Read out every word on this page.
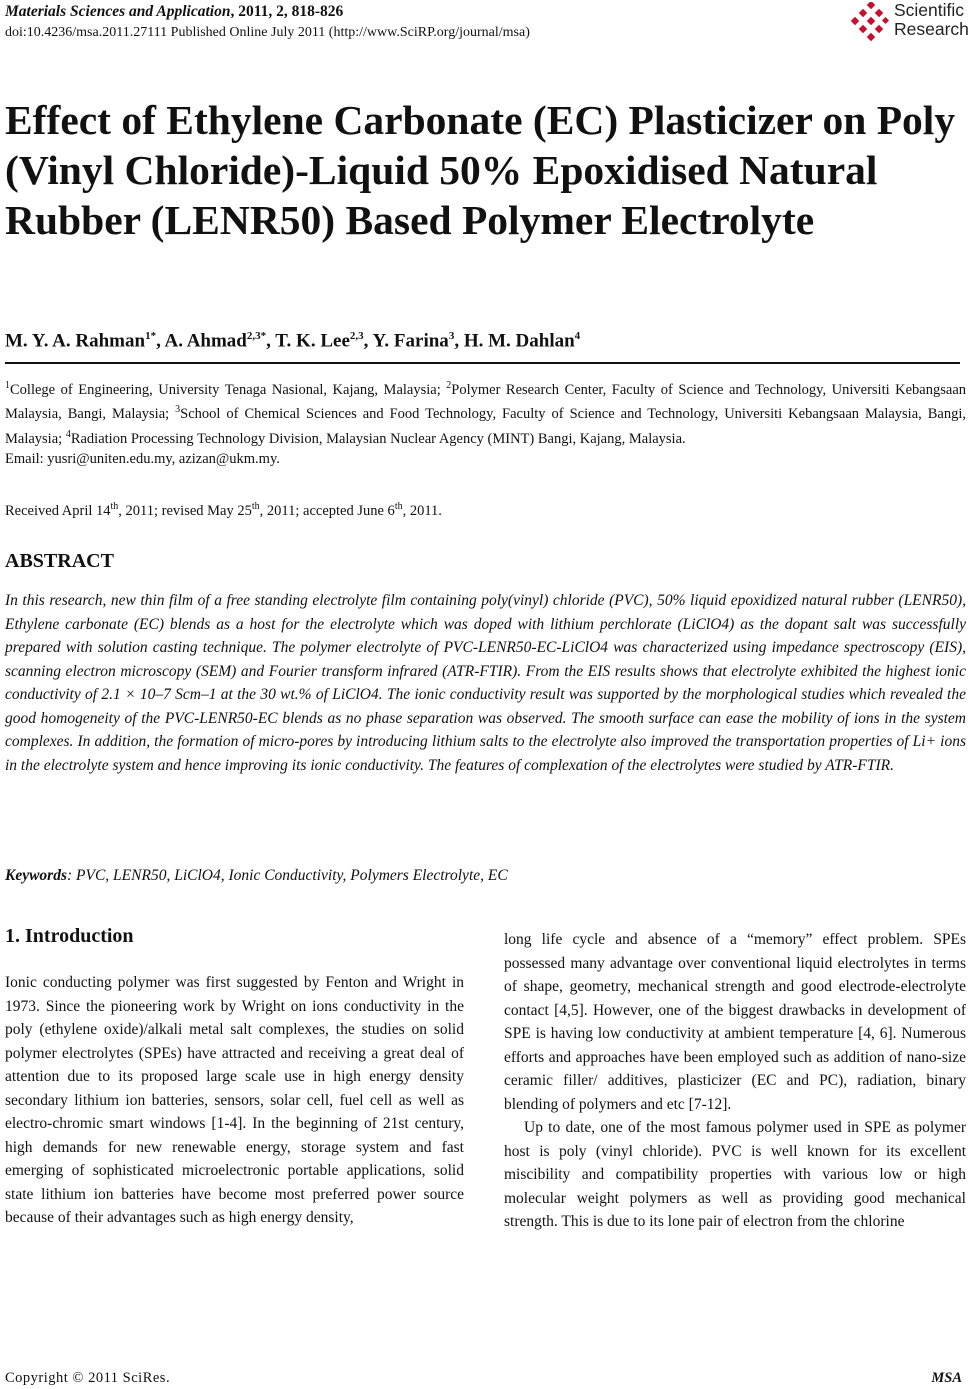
Materials Sciences and Application, 2011, 2, 818-826
doi:10.4236/msa.2011.27111 Published Online July 2011 (http://www.SciRP.org/journal/msa)
Scientific
Research
Effect of Ethylene Carbonate (EC) Plasticizer on Poly (Vinyl Chloride)-Liquid 50% Epoxidised Natural Rubber (LENR50) Based Polymer Electrolyte
M. Y. A. Rahman$^{1*}$, A. Ahmad$^{2,3*}$, T. K. Lee$^{2,3}$, Y. Farina$^3$, H. M. Dahlan$^4$
$^1$College of Engineering, University Tenaga Nasional, Kajang, Malaysia; $^2$Polymer Research Center, Faculty of Science and Technology, Universiti Kebangsaan Malaysia, Bangi, Malaysia; $^3$School of Chemical Sciences and Food Technology, Faculty of Science and Technology, Universiti Kebangsaan Malaysia, Bangi, Malaysia; $^4$Radiation Processing Technology Division, Malaysian Nuclear Agency (MINT) Bangi, Kajang, Malaysia.
Email: yusri@uniten.edu.my, azizan@ukm.my.
Received April 14th, 2011; revised May 25th, 2011; accepted June 6th, 2011.
ABSTRACT
In this research, new thin film of a free standing electrolyte film containing poly(vinyl) chloride (PVC), 50% liquid epoxidized natural rubber (LENR50), Ethylene carbonate (EC) blends as a host for the electrolyte which was doped with lithium perchlorate (LiClO4) as the dopant salt was successfully prepared with solution casting technique. The polymer electrolyte of PVC-LENR50-EC-LiClO4 was characterized using impedance spectroscopy (EIS), scanning electron microscopy (SEM) and Fourier transform infrared (ATR-FTIR). From the EIS results shows that electrolyte exhibited the highest ionic conductivity of 2.1 × 10–7 Scm–1 at the 30 wt.% of LiClO4. The ionic conductivity result was supported by the morphological studies which revealed the good homogeneity of the PVC-LENR50-EC blends as no phase separation was observed. The smooth surface can ease the mobility of ions in the system complexes. In addition, the formation of micro-pores by introducing lithium salts to the electrolyte also improved the transportation properties of Li+ ions in the electrolyte system and hence improving its ionic conductivity. The features of complexation of the electrolytes were studied by ATR-FTIR.
Keywords: PVC, LENR50, LiClO4, Ionic Conductivity, Polymers Electrolyte, EC
1. Introduction

Ionic conducting polymer was first suggested by Fenton and Wright in 1973. Since the pioneering work by Wright on ions conductivity in the poly (ethylene oxide)/alkali metal salt complexes, the studies on solid polymer electrolytes (SPEs) have attracted and receiving a great deal of attention due to its proposed large scale use in high energy density secondary lithium ion batteries, sensors, solar cell, fuel cell as well as electro-chromic smart windows [1-4]. In the beginning of 21st century, high demands for new renewable energy, storage system and fast emerging of sophisticated microelectronic portable applications, solid state lithium ion batteries have become most preferred power source because of their advantages such as high energy density,

long life cycle and absence of a “memory” effect problem. SPEs possessed many advantage over conventional liquid electrolytes in terms of shape, geometry, mechanical strength and good electrode-electrolyte contact [4,5]. However, one of the biggest drawbacks in development of SPE is having low conductivity at ambient temperature [4, 6]. Numerous efforts and approaches have been employed such as addition of nano-size ceramic filler/ additives, plasticizer (EC and PC), radiation, binary blending of polymers and etc [7-12].

Up to date, one of the most famous polymer used in SPE as polymer host is poly (vinyl chloride). PVC is well known for its excellent miscibility and compatibility properties with various low or high molecular weight polymers as well as providing good mechanical strength. This is due to its lone pair of electron from the chlorine

Copyright © 2011 SciRes.	MSA
